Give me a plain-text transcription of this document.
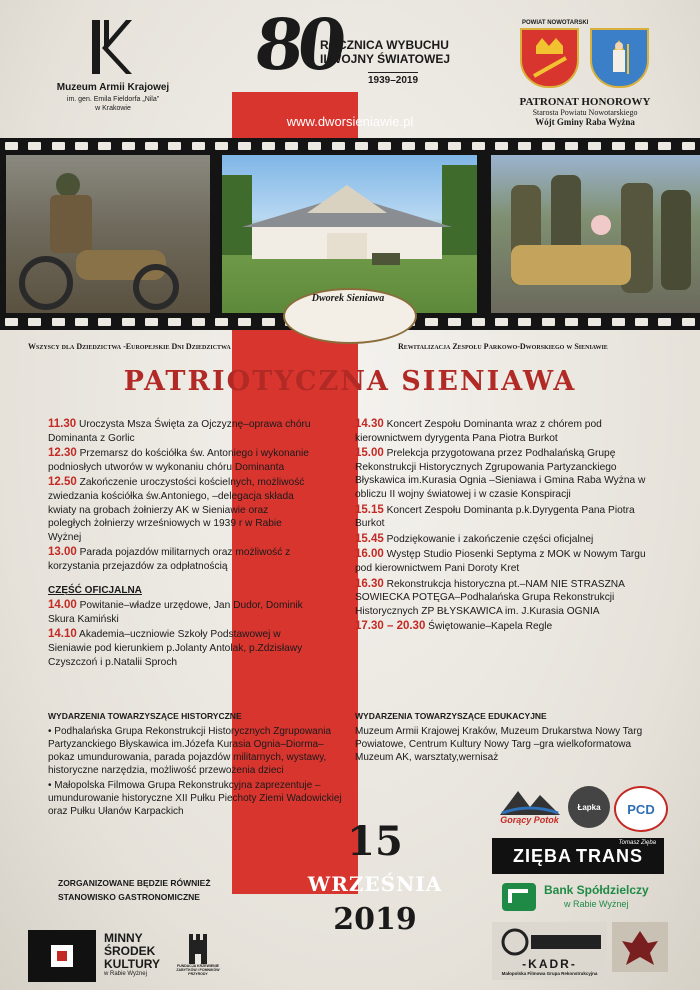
Muzeum Armii Krajowej
im. gen. Emila Fieldorfa „Nila”
w Krakowie
80
ROCZNICA WYBUCHU
II WOJNY ŚWIATOWEJ
1939–2019
www.dworsieniawie.pl
POWIAT NOWOTARSKI
PATRONAT HONOROWY
Starosta Powiatu Nowotarskiego
Wójt Gminy Raba Wyżna
Dworek Sieniawa
Wszyscy dla Dziedzictwa -Europejskie Dni Dziedzictwa	Rewitalizacja Zespołu Parkowo-Dworskiego w Sieniawie
PATRIOTYCZNA SIENIAWA

11.30 Uroczysta Msza Święta za Ojczyznę–oprawa chóru Dominanta z Gorlic

12.30 Przemarsz do kościółka św. Antoniego i wykonanie podniosłych utworów w wykonaniu chóru Dominanta

12.50 Zakończenie uroczystości kościelnych, możliwość zwiedzania kościółka św.Antoniego, –delegacja składa kwiaty na grobach żołnierzy AK w Sieniawie oraz poległych żołnierzy wrześniowych w 1939 r w Rabie Wyżnej

13.00 Parada pojazdów militarnych oraz możliwość z korzystania przejazdów za odpłatnością

CZĘŚĆ OFICJALNA

14.00 Powitanie–władze urzędowe, Jan Dudor, Dominik Skura Kamiński

14.10 Akademia–uczniowie Szkoły Podstawowej w Sieniawie pod kierunkiem p.Jolanty Antolak, p.Zdzisławy Czyszczoń i p.Natalii Sproch

WYDARZENIA TOWARZYSZĄCE HISTORYCZNE

• Podhalańska Grupa Rekonstrukcji Historycznych Zgrupowania Partyzanckiego Błyskawica im.Józefa Kurasia Ognia–Diorma–pokaz umundurowania, parada pojazdów militarnych, wystawy, historyczne narzędzia, możliwość przewożenia dzieci

• Małopolska Filmowa Grupa Rekonstrukcyjna zaprezentuje –umundurowanie historyczne XII Pułku Piechoty Ziemi Wadowickiej oraz Pułku Ułanów Karpackich

ZORGANIZOWANE BĘDZIE RÓWNIEŻ
STANOWISKO GASTRONOMICZNE

14.30 Koncert Zespołu Dominanta wraz z chórem pod kierownictwem dyrygenta Pana Piotra Burkot

15.00 Prelekcja przygotowana przez Podhalańską Grupę Rekonstrukcji Historycznych Zgrupowania Partyzanckiego Błyskawica im.Kurasia Ognia –Sieniawa i Gmina Raba Wyżna w obliczu II wojny światowej i w czasie Konspiracji

15.15 Koncert Zespołu Dominanta p.k.Dyrygenta Pana Piotra Burkot

15.45 Podziękowanie i zakończenie części oficjalnej

16.00 Występ Studio Piosenki Septyma z MOK w Nowym Targu pod kierownictwem Pani Doroty Kret

16.30 Rekonstrukcja historyczna pt.–NAM NIE STRASZNA SOWIECKA POTĘGA–Podhalańska Grupa Rekonstrukcji Historycznych ZP BŁYSKAWICA im. J.Kurasia OGNIA

17.30 – 20.30 Świętowanie–Kapela Regle

WYDARZENIA TOWARZYSZĄCE EDUKACYJNE

Muzeum Armii Krajowej Kraków, Muzeum Drukarstwa Nowy Targ Powiatowe, Centrum Kultury Nowy Targ –gra wielkoformatowa Muzeum AK, warsztaty,wernisaż

15
WRZEŚNIA
2019
Gorący Potok
Łapka PCD
Tomasz Zięba
ZIĘBA TRANS
Bank Spółdzielczy
w Rabie Wyżnej
-KADR-
Małopolska Filmowa Grupa Rekonstrukcyjna
MINNY
ŚRODEK
KULTURY
w Rabie Wyżnej
FUNDACJA KRZEWIENIE ZABYTKÓW I POMNIKÓW PRZYRODY
